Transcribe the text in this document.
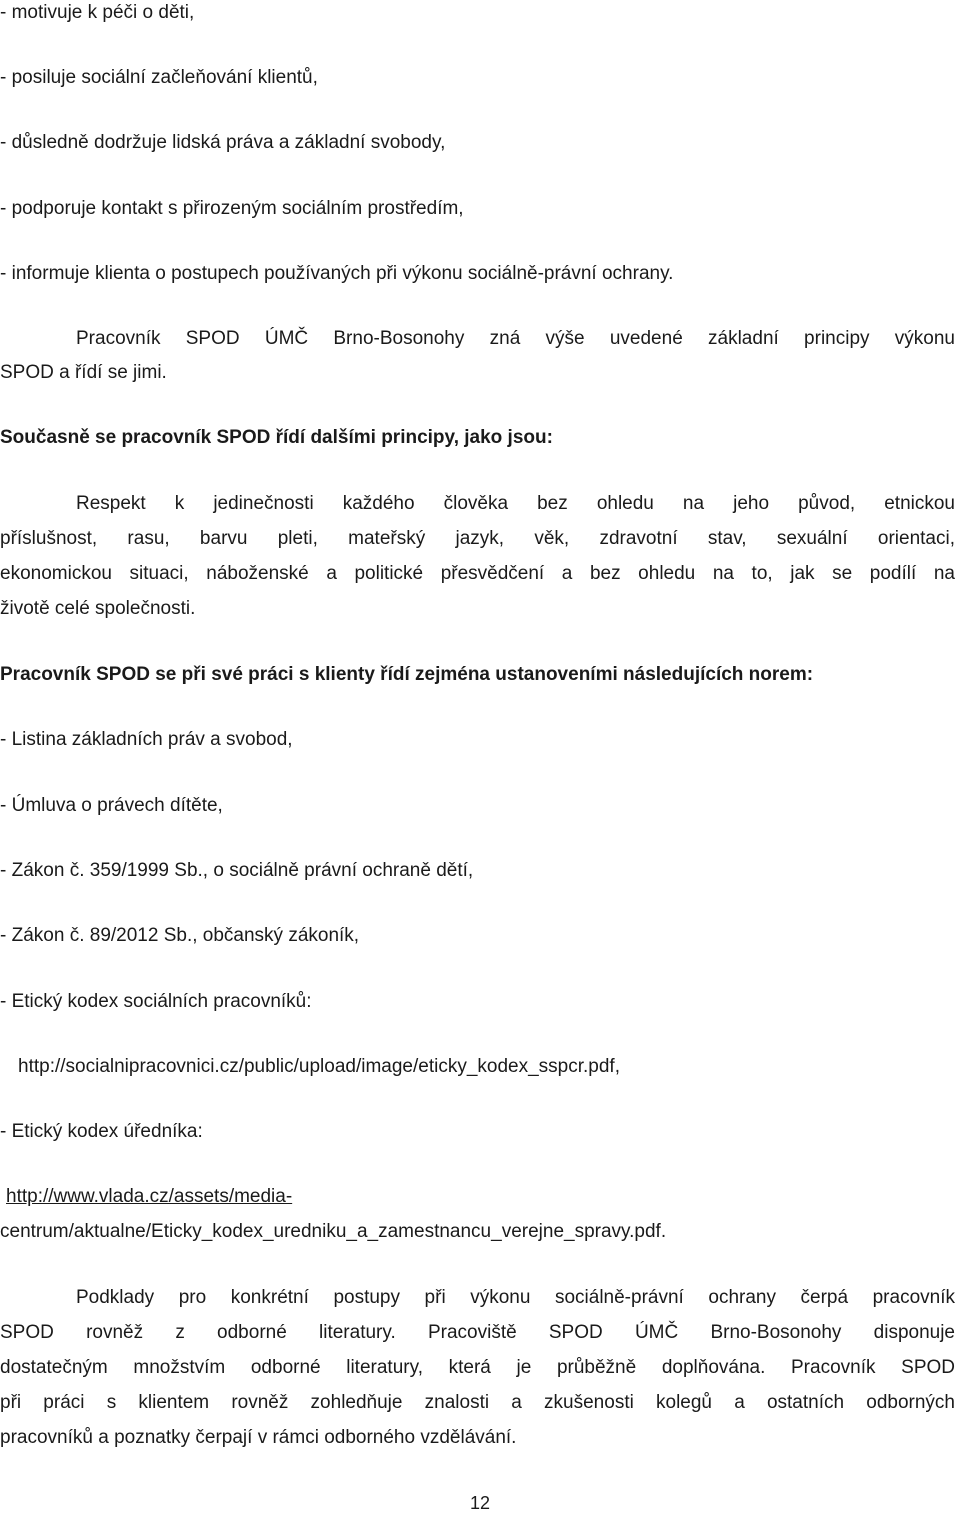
- motivuje k péči o děti,

- posiluje sociální začleňování klientů,

- důsledně dodržuje lidská práva a základní svobody,

- podporuje kontakt s přirozeným sociálním prostředím,

- informuje klienta o postupech používaných při výkonu sociálně-právní ochrany.

Pracovník SPOD ÚMČ Brno-Bosonohy zná výše uvedené základní principy výkonu

SPOD a řídí se jimi.

Současně se pracovník SPOD řídí dalšími principy, jako jsou:

Respekt k jedinečnosti každého člověka bez ohledu na jeho původ, etnickou

příslušnost, rasu, barvu pleti, mateřský jazyk, věk, zdravotní stav, sexuální orientaci,

ekonomickou situaci, náboženské a politické přesvědčení a bez ohledu na to, jak se podílí na

životě celé společnosti.

Pracovník SPOD se při své práci s klienty řídí zejména ustanoveními následujících norem:

- Listina základních práv a svobod,

- Úmluva o právech dítěte,

- Zákon č. 359/1999 Sb., o sociálně právní ochraně dětí,

- Zákon č. 89/2012 Sb., občanský zákoník,

- Etický kodex sociálních pracovníků:

http://socialnipracovnici.cz/public/upload/image/eticky_kodex_sspcr.pdf,

- Etický kodex úředníka:

http://www.vlada.cz/assets/media-

centrum/aktualne/Eticky_kodex_uredniku_a_zamestnancu_verejne_spravy.pdf.

Podklady pro konkrétní postupy při výkonu sociálně-právní ochrany čerpá pracovník

SPOD rovněž z odborné literatury. Pracoviště SPOD ÚMČ Brno-Bosonohy disponuje

dostatečným množstvím odborné literatury, která je průběžně doplňována. Pracovník SPOD

při práci s klientem rovněž zohledňuje znalosti a zkušenosti kolegů a ostatních odborných

pracovníků a poznatky čerpají v rámci odborného vzdělávání.

12
